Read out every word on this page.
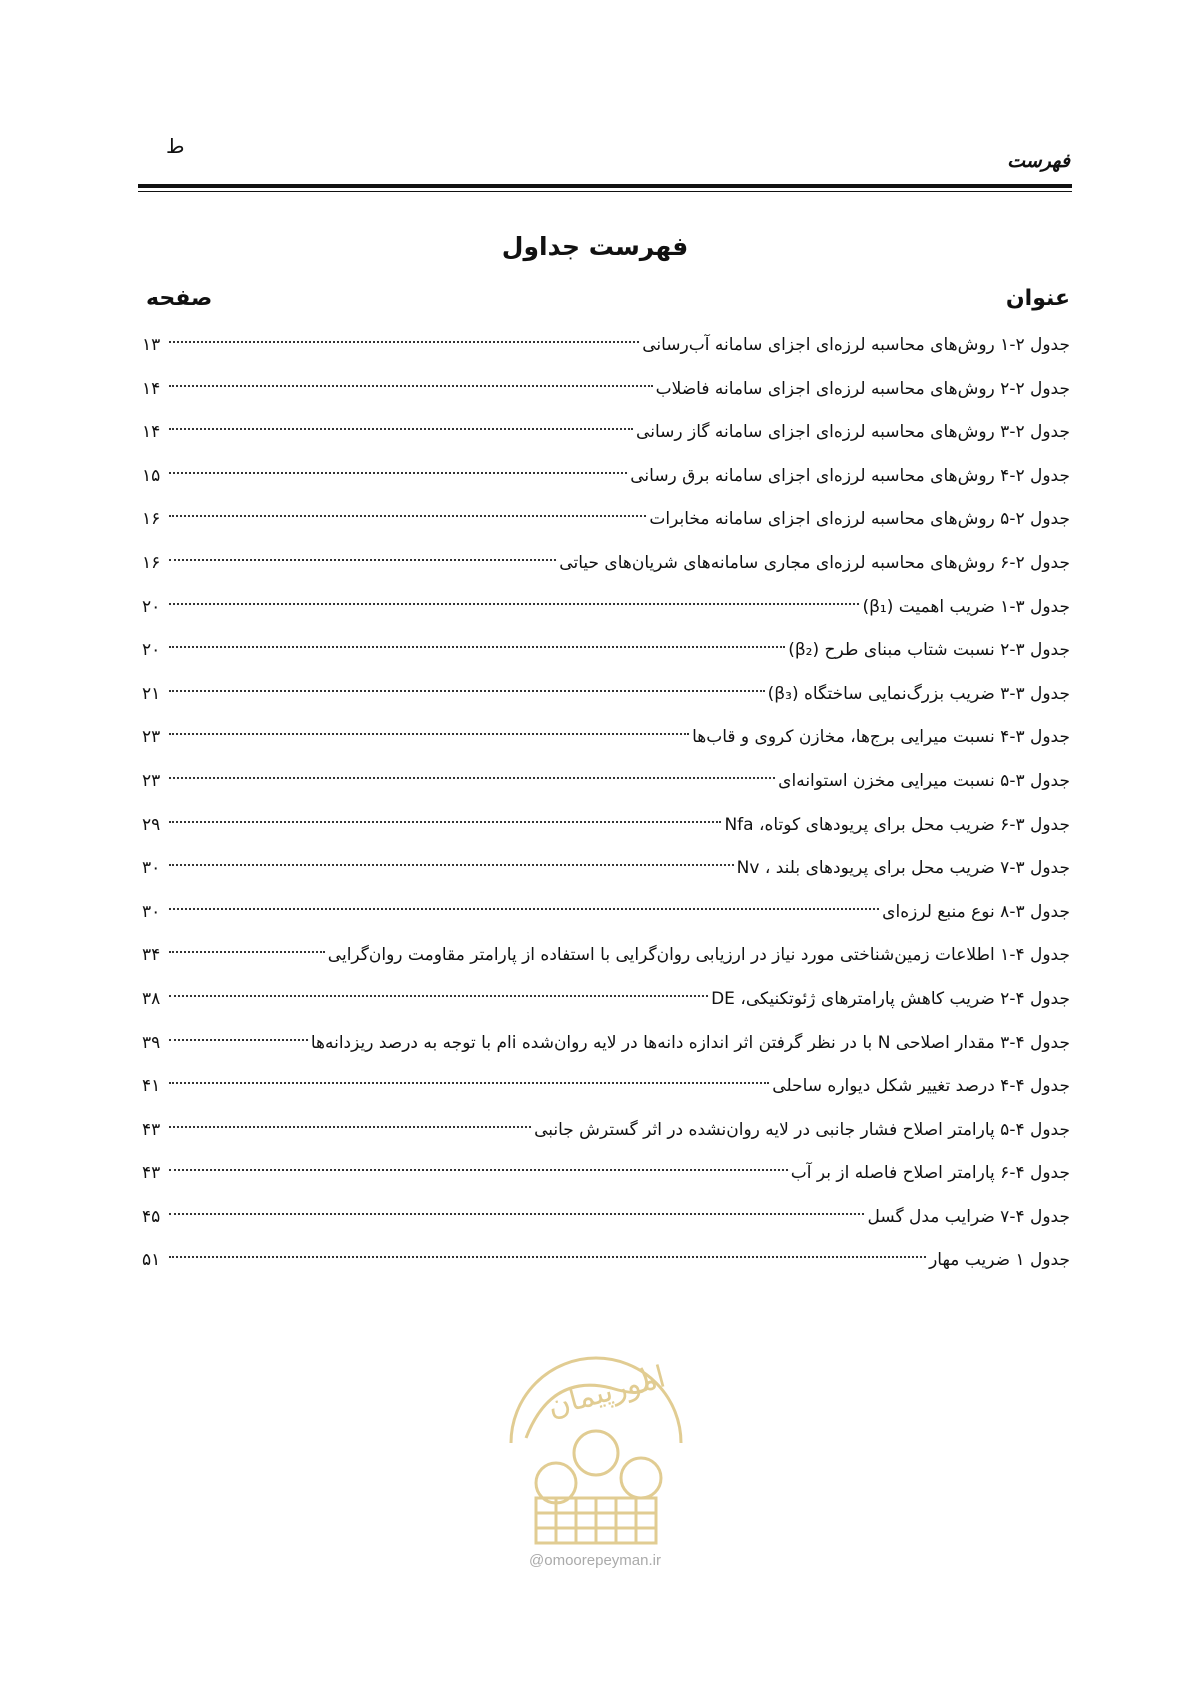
ط
فهرست
فهرست جداول
عنوان
صفحه
جدول ۲-۱ روش‌های محاسبه لرزه‌ای اجزای سامانه آب‌رسانی
۱۳
جدول ۲-۲ روش‌های محاسبه لرزه‌ای اجزای سامانه فاضلاب
۱۴
جدول ۲-۳ روش‌های محاسبه لرزه‌ای اجزای سامانه گاز رسانی
۱۴
جدول ۲-۴ روش‌های محاسبه لرزه‌ای اجزای سامانه برق رسانی
۱۵
جدول ۲-۵ روش‌های محاسبه لرزه‌ای اجزای سامانه مخابرات
۱۶
جدول ۲-۶ روش‌های محاسبه لرزه‌ای مجاری سامانه‌های شریان‌های حیاتی
۱۶
جدول ۳-۱ ضریب اهمیت (β₁)
۲۰
جدول ۳-۲ نسبت شتاب مبنای طرح (β₂)
۲۰
جدول ۳-۳ ضریب بزرگ‌نمایی ساختگاه (β₃)
۲۱
جدول ۳-۴ نسبت میرایی برج‌ها، مخازن کروی و قاب‌ها
۲۳
جدول ۳-۵ نسبت میرایی مخزن استوانه‌ای
۲۳
جدول ۳-۶ ضریب محل برای پریودهای کوتاه، Nfa
۲۹
جدول ۳-۷ ضریب محل برای پریودهای بلند ، Nv
۳۰
جدول ۳-۸ نوع منبع لرزه‌ای
۳۰
جدول ۴-۱ اطلاعات زمین‌شناختی مورد نیاز در ارزیابی روان‌گرایی با استفاده از پارامتر مقاومت روان‌گرایی
۳۴
جدول ۴-۲ ضریب کاهش پارامترهای ژئوتکنیکی، DE
۳۸
جدول ۴-۳ مقدار اصلاحی N با در نظر گرفتن اثر اندازه دانه‌ها در لایه روان‌شده iام با توجه به درصد ریزدانه‌ها
۳۹
جدول ۴-۴ درصد تغییر شکل دیواره ساحلی
۴۱
جدول ۴-۵ پارامتر اصلاح فشار جانبی در لایه روان‌نشده در اثر گسترش جانبی
۴۳
جدول ۴-۶ پارامتر اصلاح فاصله از بر آب
۴۳
جدول ۴-۷ ضرایب مدل گسل
۴۵
جدول ۱ ضریب مهار
۵۱
امورپیمان
@omoorepeyman.ir
